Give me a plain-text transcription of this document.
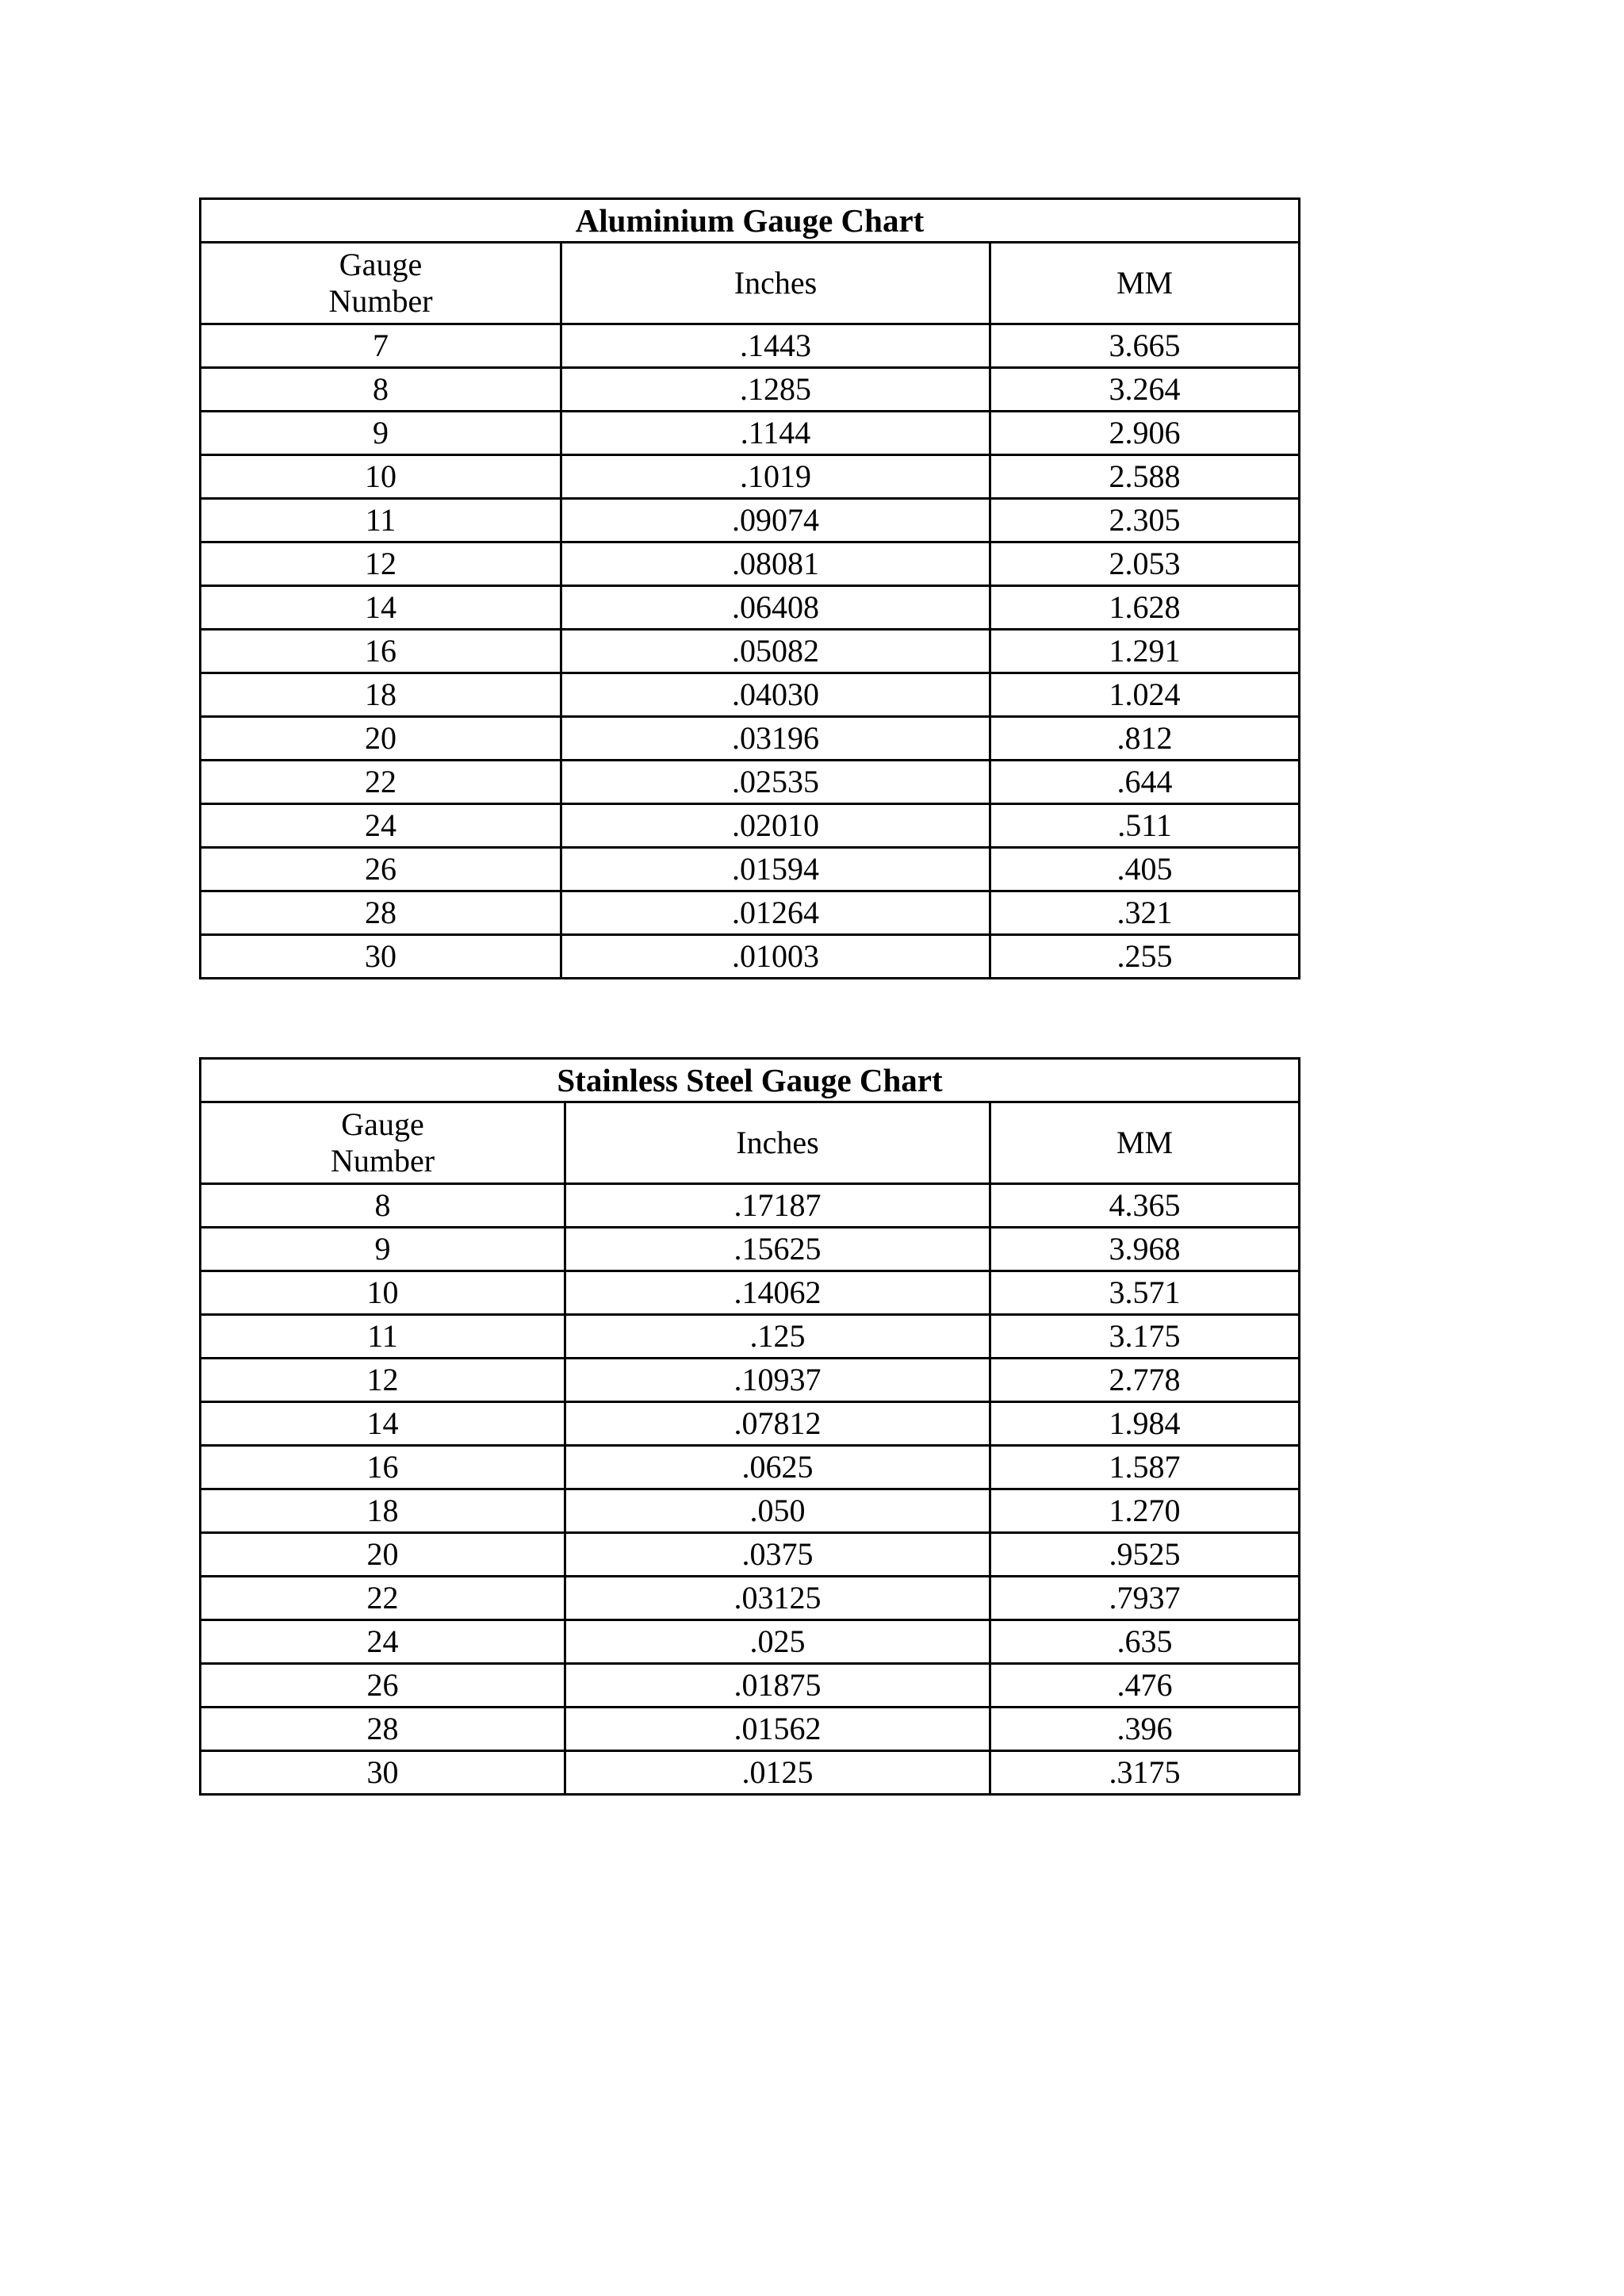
Aluminium Gauge Chart		
Gauge
Number	Inches	MM
7	.1443	3.665
8	.1285	3.264
9	.1144	2.906
10	.1019	2.588
11	.09074	2.305
12	.08081	2.053
14	.06408	1.628
16	.05082	1.291
18	.04030	1.024
20	.03196	.812
22	.02535	.644
24	.02010	.511
26	.01594	.405
28	.01264	.321
30	.01003	.255
Stainless Steel Gauge Chart		
Gauge
Number	Inches	MM
8	.17187	4.365
9	.15625	3.968
10	.14062	3.571
11	.125	3.175
12	.10937	2.778
14	.07812	1.984
16	.0625	1.587
18	.050	1.270
20	.0375	.9525
22	.03125	.7937
24	.025	.635
26	.01875	.476
28	.01562	.396
30	.0125	.3175
